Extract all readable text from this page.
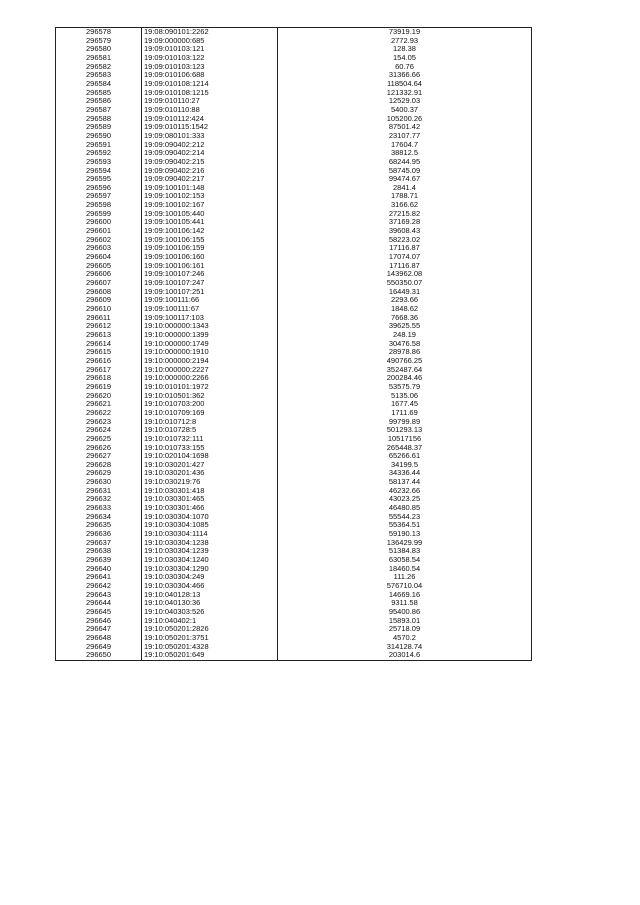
296578	19:08:090101:2262	73919.19
296579	19:09:000000:685	2772.93
296580	19:09:010103:121	128.38
296581	19:09:010103:122	154.05
296582	19:09:010103:123	60.76
296583	19:09:010106:688	31366.66
296584	19:09:010108:1214	118504.64
296585	19:09:010108:1215	121332.91
296586	19:09:010110:27	12529.03
296587	19:09:010110:88	5400.37
296588	19:09:010112:424	105200.26
296589	19:09:010115:1542	87501.42
296590	19:09:080101:333	23107.77
296591	19:09:090402:212	17604.7
296592	19:09:090402:214	38812.5
296593	19:09:090402:215	68244.95
296594	19:09:090402:216	58745.09
296595	19:09:090402:217	99474.67
296596	19:09:100101:148	2841.4
296597	19:09:100102:153	1788.71
296598	19:09:100102:167	3166.62
296599	19:09:100105:440	27215.82
296600	19:09:100105:441	37169.28
296601	19:09:100106:142	39608.43
296602	19:09:100106:155	58223.02
296603	19:09:100106:159	17116.87
296604	19:09:100106:160	17074.07
296605	19:09:100106:161	17116.87
296606	19:09:100107:246	143962.08
296607	19:09:100107:247	550350.07
296608	19:09:100107:251	16449.31
296609	19:09:100111:66	2293.66
296610	19:09:100111:67	1848.62
296611	19:09:100117:103	7668.36
296612	19:10:000000:1343	39625.55
296613	19:10:000000:1399	248.19
296614	19:10:000000:1749	30476.58
296615	19:10:000000:1910	28978.86
296616	19:10:000000:2194	490766.25
296617	19:10:000000:2227	352487.64
296618	19:10:000000:2266	200284.46
296619	19:10:010101:1972	53575.79
296620	19:10:010501:362	5135.06
296621	19:10:010703:200	1677.45
296622	19:10:010709:169	1711.69
296623	19:10:010712:8	99799.89
296624	19:10:010728:5	501293.13
296625	19:10:010732:111	10517156
296626	19:10:010733:155	265448.37
296627	19:10:020104:1698	65266.61
296628	19:10:030201:427	34199.5
296629	19:10:030201:436	34336.44
296630	19:10:030219:76	58137.44
296631	19:10:030301:418	46232.66
296632	19:10:030301:465	43023.25
296633	19:10:030301:466	46480.85
296634	19:10:030304:1070	55544.23
296635	19:10:030304:1085	55364.51
296636	19:10:030304:1114	59190.13
296637	19:10:030304:1238	136429.99
296638	19:10:030304:1239	51384.83
296639	19:10:030304:1240	63058.54
296640	19:10:030304:1290	18460.54
296641	19:10:030304:249	111.26
296642	19:10:030304:466	576710.04
296643	19:10:040128:13	14669.16
296644	19:10:040130:36	9311.58
296645	19:10:040303:526	95400.86
296646	19:10:040402:1	15893.01
296647	19:10:050201:2826	25718.09
296648	19:10:050201:3751	4570.2
296649	19:10:050201:4328	314128.74
296650	19:10:050201:649	203014.6
